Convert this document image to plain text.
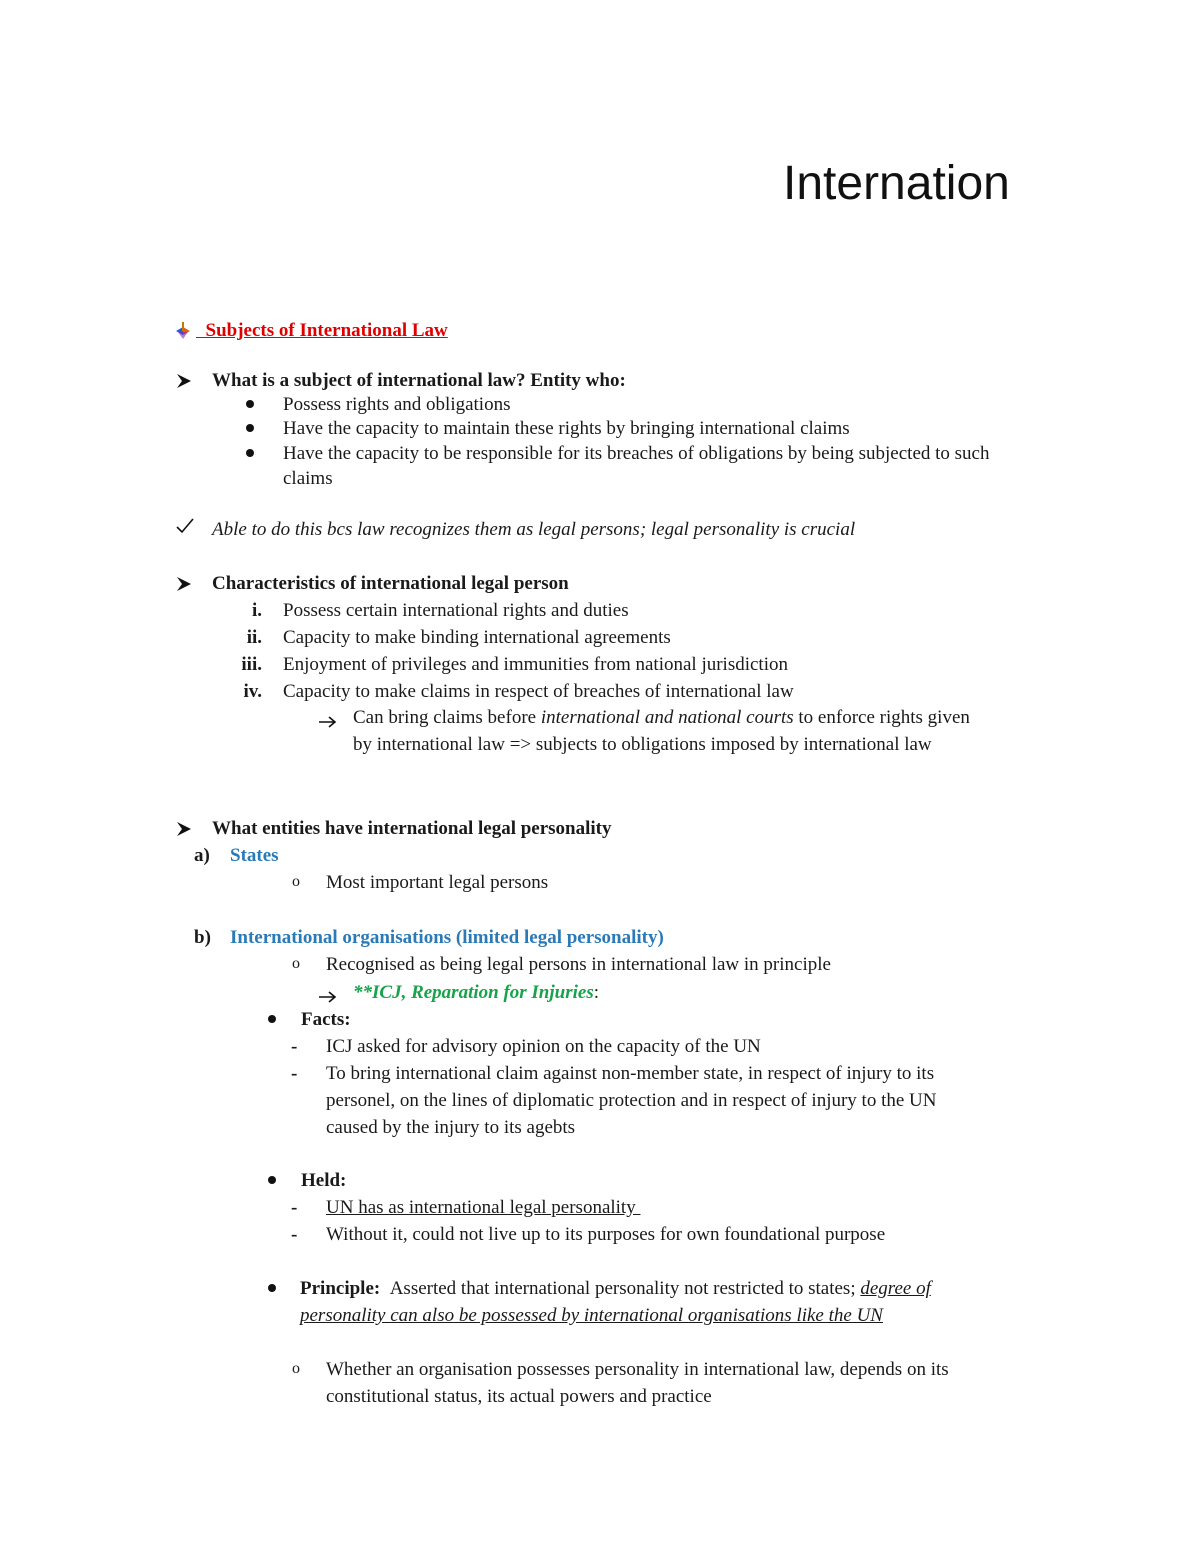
Internation
Subjects of International Law
What is a subject of international law? Entity who:
Possess rights and obligations
Have the capacity to maintain these rights by bringing international claims
Have the capacity to be responsible for its breaches of obligations by being subjected to such
claims
Able to do this bcs law recognizes them as legal persons; legal personality is crucial
Characteristics of international legal person
i. Possess certain international rights and duties
ii. Capacity to make binding international agreements
iii. Enjoyment of privileges and immunities from national jurisdiction
iv. Capacity to make claims in respect of breaches of international law
Can bring claims before international and national courts to enforce rights given
by international law => subjects to obligations imposed by international law
What entities have international legal personality
a) States
o Most important legal persons
b) International organisations (limited legal personality)
o Recognised as being legal persons in international law in principle
**ICJ, Reparation for Injuries:
Facts:
- ICJ asked for advisory opinion on the capacity of the UN
- To bring international claim against non-member state, in respect of injury to its
personel, on the lines of diplomatic protection and in respect of injury to the UN
caused by the injury to its agebts
Held:
- UN has as international legal personality
- Without it, could not live up to its purposes for own foundational purpose
Principle: Asserted that international personality not restricted to states; degree of
personality can also be possessed by international organisations like the UN
o Whether an organisation possesses personality in international law, depends on its
constitutional status, its actual powers and practice
